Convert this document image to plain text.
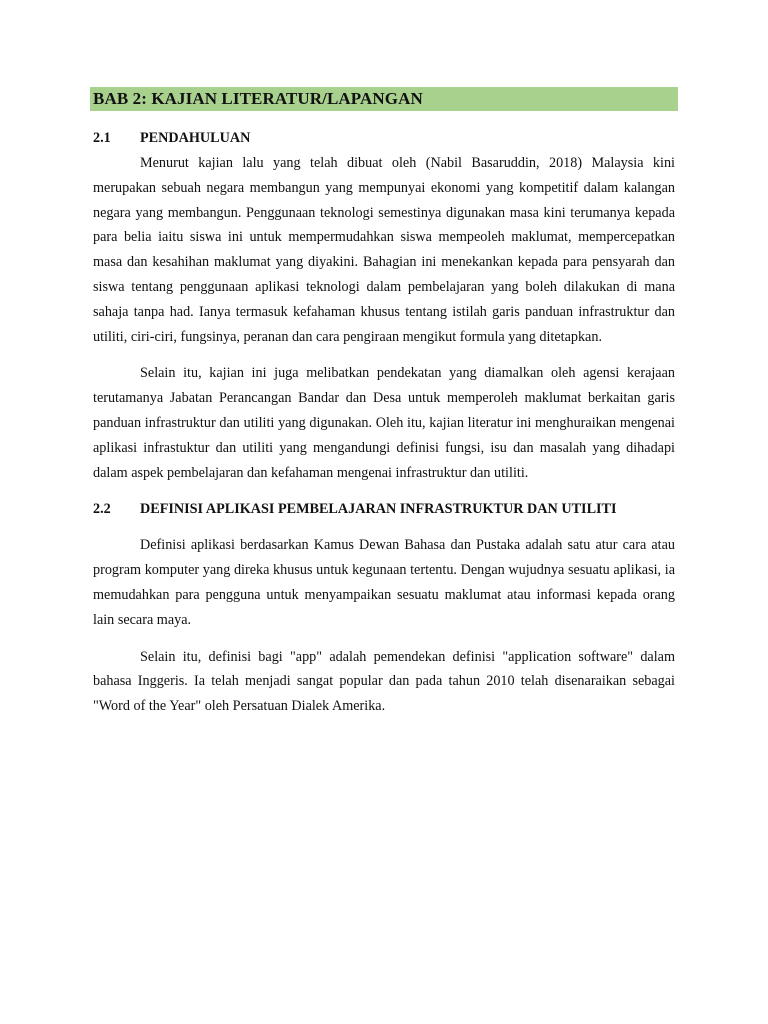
BAB 2: KAJIAN LITERATUR/LAPANGAN
2.1	PENDAHULUAN

Menurut kajian lalu yang telah dibuat oleh (Nabil Basaruddin, 2018) Malaysia kini merupakan sebuah negara membangun yang mempunyai ekonomi yang kompetitif dalam kalangan negara yang membangun. Penggunaan teknologi semestinya digunakan masa kini terumanya kepada para belia iaitu siswa ini untuk mempermudahkan siswa mempeoleh maklumat, mempercepatkan masa dan kesahihan maklumat yang diyakini. Bahagian ini menekankan kepada para pensyarah dan siswa tentang penggunaan aplikasi teknologi dalam pembelajaran yang boleh dilakukan di mana sahaja tanpa had. Ianya termasuk kefahaman khusus tentang istilah garis panduan infrastruktur dan utiliti, ciri-ciri, fungsinya, peranan dan cara pengiraan mengikut formula yang ditetapkan.

Selain itu, kajian ini juga melibatkan pendekatan yang diamalkan oleh agensi kerajaan terutamanya Jabatan Perancangan Bandar dan Desa untuk memperoleh maklumat berkaitan garis panduan infrastruktur dan utiliti yang digunakan. Oleh itu, kajian literatur ini menghuraikan mengenai aplikasi infrastuktur dan utiliti yang mengandungi definisi fungsi, isu dan masalah yang dihadapi dalam aspek pembelajaran dan kefahaman mengenai infrastruktur dan utiliti.

2.2	DEFINISI APLIKASI PEMBELAJARAN INFRASTRUKTUR DAN UTILITI

Definisi aplikasi berdasarkan Kamus Dewan Bahasa dan Pustaka adalah satu atur cara atau program komputer yang direka khusus untuk kegunaan tertentu. Dengan wujudnya sesuatu aplikasi, ia memudahkan para pengguna untuk menyampaikan sesuatu maklumat atau informasi kepada orang lain secara maya.

Selain itu, definisi bagi "app" adalah pemendekan definisi "application software" dalam bahasa Inggeris. Ia telah menjadi sangat popular dan pada tahun 2010 telah disenaraikan sebagai "Word of the Year" oleh Persatuan Dialek Amerika.
